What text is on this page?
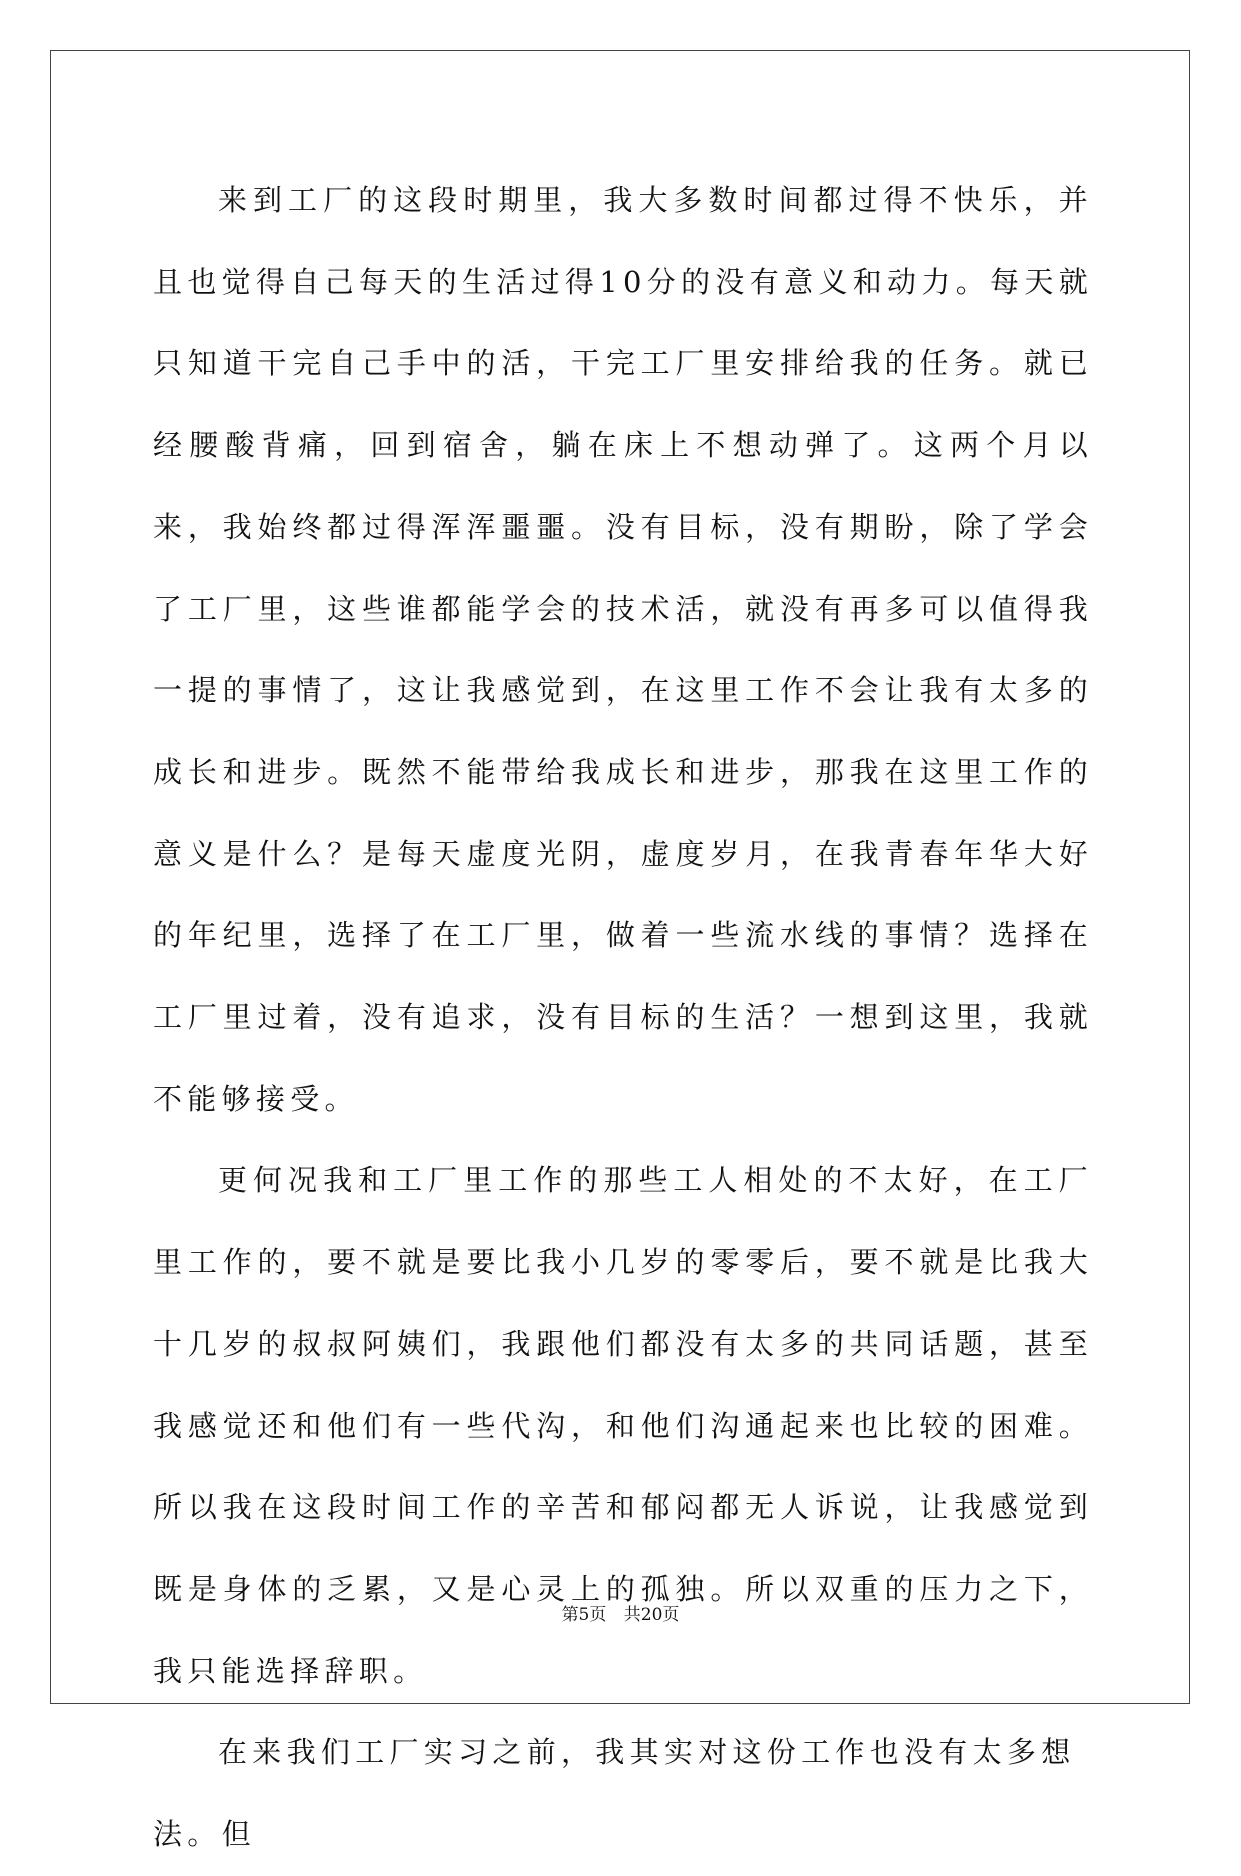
来到工厂的这段时期里，我大多数时间都过得不快乐，并且也觉得自己每天的生活过得10分的没有意义和动力。每天就只知道干完自己手中的活，干完工厂里安排给我的任务。就已经腰酸背痛，回到宿舍，躺在床上不想动弹了。这两个月以来，我始终都过得浑浑噩噩。没有目标，没有期盼，除了学会了工厂里，这些谁都能学会的技术活，就没有再多可以值得我一提的事情了，这让我感觉到，在这里工作不会让我有太多的成长和进步。既然不能带给我成长和进步，那我在这里工作的意义是什么？是每天虚度光阴，虚度岁月，在我青春年华大好的年纪里，选择了在工厂里，做着一些流水线的事情？选择在工厂里过着，没有追求，没有目标的生活？一想到这里，我就不能够接受。

更何况我和工厂里工作的那些工人相处的不太好，在工厂里工作的，要不就是要比我小几岁的零零后，要不就是比我大十几岁的叔叔阿姨们，我跟他们都没有太多的共同话题，甚至我感觉还和他们有一些代沟，和他们沟通起来也比较的困难。所以我在这段时间工作的辛苦和郁闷都无人诉说，让我感觉到既是身体的乏累，又是心灵上的孤独。所以双重的压力之下，我只能选择辞职。

在来我们工厂实习之前，我其实对这份工作也没有太多想法。但

第5页 共20页
